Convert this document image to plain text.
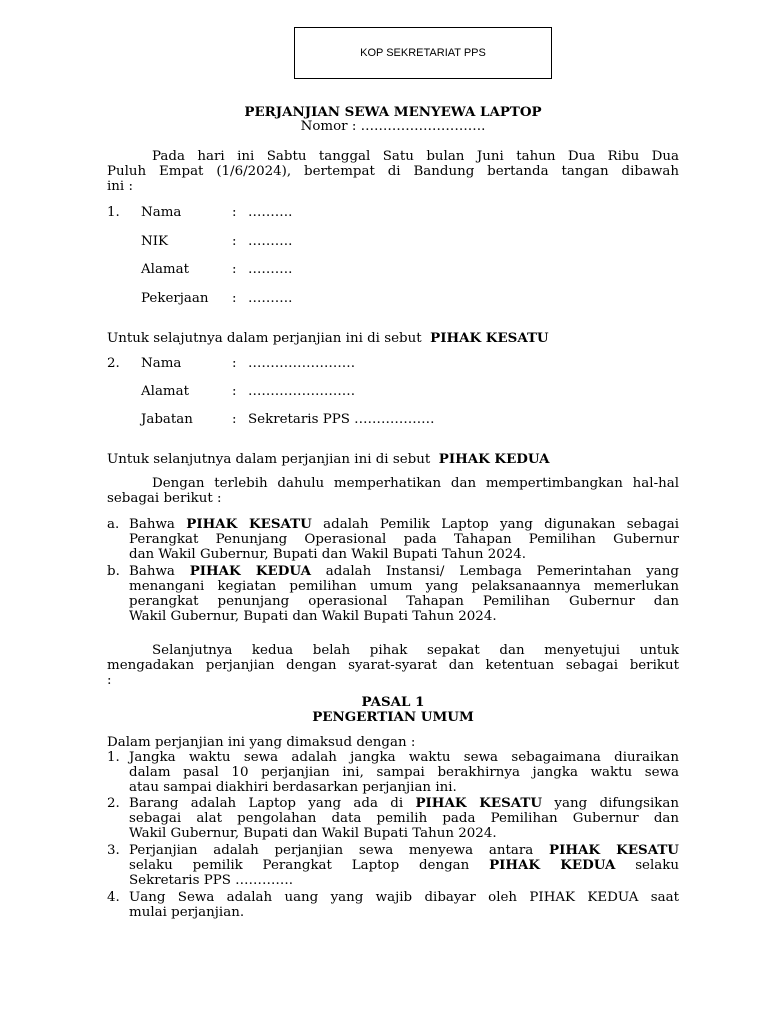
KOP SEKRETARIAT PPS
PERJANJIAN SEWA MENYEWA LAPTOP
Nomor : ……………………….
Pada hari ini Sabtu tanggal Satu bulan Juni tahun Dua Ribu Dua
Puluh Empat (1/6/2024), bertempat di Bandung bertanda tangan dibawah
ini :
1. Nama	: ……….
NIK	: ……….
Alamat	: ……….
Pekerjaan : ……….
Untuk selajutnya dalam perjanjian ini di sebut PIHAK KESATU
2. Nama	: ……………………
Alamat	: ……………………
Jabatan	: Sekretaris PPS ………………
Untuk selanjutnya dalam perjanjian ini di sebut PIHAK KEDUA
Dengan terlebih dahulu memperhatikan dan mempertimbangkan hal-hal
sebagai berikut :
a. Bahwa PIHAK KESATU adalah Pemilik Laptop yang digunakan sebagai
Perangkat Penunjang Operasional pada Tahapan Pemilihan Gubernur
dan Wakil Gubernur, Bupati dan Wakil Bupati Tahun 2024.
b. Bahwa PIHAK KEDUA adalah Instansi/ Lembaga Pemerintahan yang
menangani kegiatan pemilihan umum yang pelaksanaannya memerlukan
perangkat penunjang operasional Tahapan Pemilihan Gubernur dan
Wakil Gubernur, Bupati dan Wakil Bupati Tahun 2024.
Selanjutnya kedua belah pihak sepakat dan menyetujui untuk
mengadakan perjanjian dengan syarat-syarat dan ketentuan sebagai berikut
:
PASAL 1
PENGERTIAN UMUM
Dalam perjanjian ini yang dimaksud dengan :
1. Jangka waktu sewa adalah jangka waktu sewa sebagaimana diuraikan
dalam pasal 10 perjanjian ini, sampai berakhirnya jangka waktu sewa
atau sampai diakhiri berdasarkan perjanjian ini.
2. Barang adalah Laptop yang ada di PIHAK KESATU yang difungsikan
sebagai alat pengolahan data pemilih pada Pemilihan Gubernur dan
Wakil Gubernur, Bupati dan Wakil Bupati Tahun 2024.
3. Perjanjian adalah perjanjian sewa menyewa antara PIHAK KESATU
selaku pemilik Perangkat Laptop dengan PIHAK KEDUA selaku
Sekretaris PPS ………….
4. Uang Sewa adalah uang yang wajib dibayar oleh PIHAK KEDUA saat
mulai perjanjian.
